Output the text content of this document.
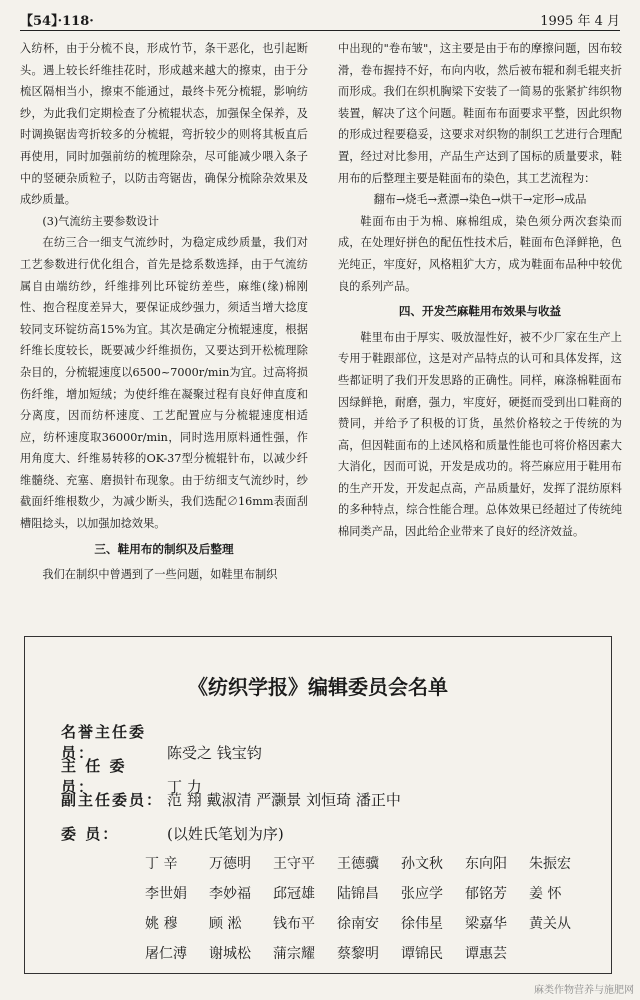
【54】·118·	1995 年 4 月

入纺杯，由于分梳不良，形成竹节，条干恶化，也引起断头。遇上较长纤维挂花时，形成越来越大的擦束，由于分梳区隔相当小，擦束不能通过，最终卡死分梳辊，影响纺纱，为此我们定期检查了分梳辊状态，加强保全保养，及时调换锯齿弯折较多的分梳辊，弯折较少的则将其板直后再使用，同时加强前纺的梳理除杂，尽可能减少喂入条子中的竖硬杂质粒子，以防击弯锯齿，确保分梳除杂效果及成纱质量。

(3)气流纺主要参数设计

在纺三合一细支气流纱时，为稳定成纱质量，我们对工艺参数进行优化组合，首先是捻系数选择，由于气流纺属自由端纺纱，纤维排列比环锭纺差些，麻维(缘)棉刚性、抱合程度差异大，要保证成纱强力，须适当增大捻度较同支环锭纺高15%为宜。其次是确定分梳辊速度，根据纤维长度较长，既要减少纤维损伤，又要达到开松梳理除杂目的，分梳辊速度以6500~7000r/min为宜。过高将损伤纤维，增加短绒；为使纤维在凝聚过程有良好伸直度和分离度，因而纺杯速度、工艺配置应与分梳辊速度相适应，纺杯速度取36000r/min，同时选用原料通性强，作用角度大、纤维易转移的OK-37型分梳辊针布，以减少纤维髓绕、充塞、磨损针布现象。由于纺细支气流纱时，纱截面纤维根数少，为减少断头，我们选配∅16mm表面刮槽阻捻头，以加强加捻效果。

三、鞋用布的制织及后整理

我们在制织中曾遇到了一些问题，如鞋里布制织

中出现的"卷布皱"，这主要是由于布的摩擦问题，因布较滑，卷布握持不好，布向内收，然后被布辊和刹毛辊夹折而形成。我们在织机胸梁下安装了一简易的张紧扩纬织物装置，解决了这个问题。鞋面布布面要求平整，因此织物的形成过程要稳妥，这要求对织物的制织工艺进行合理配置，经过对比参用，产品生产达到了国标的质量要求，鞋用布的后整理主要是鞋面布的染色，其工艺流程为：

翻布→烧毛→煮漂→染色→烘干→定形→成品

鞋面布由于为棉、麻棉组成，染色须分两次套染而成，在处理好拼色的配伍性技术后，鞋面布色泽鲜艳，色光纯正，牢度好，风格粗犷大方，成为鞋面布品种中较优良的系列产品。

四、开发苎麻鞋用布效果与收益

鞋里布由于厚实、吸放湿性好，被不少厂家在生产上专用于鞋跟部位，这是对产品特点的认可和具体发挥，这些都证明了我们开发思路的正确性。同样，麻涤棉鞋面布因绿鲜艳，耐磨，强力，牢度好，硬挺而受到出口鞋商的赞同，并给予了积极的订货，虽然价格较之于传统的为高，但因鞋面布的上述风格和质量性能也可将价格因素大大消化，因而可说，开发是成功的。将苎麻应用于鞋用布的生产开发，开发起点高，产品质量好，发挥了混纺原料的多种特点，综合性能合理。总体效果已经超过了传统纯棉同类产品，因此给企业带来了良好的经济效益。

《纺织学报》编辑委员会名单
名誉主任委员：	陈受之 钱宝钧
主 任 委 员：	丁 力
副主任委员： 范 翔 戴淑清 严灏景 刘恒琦 潘正中
委 员：	(以姓氏笔划为序)
丁 辛 万德明 王守平 王德骥 孙文秋 东向阳 朱振宏
李世娟 李妙福 邱冠雄 陆锦昌 张应学 郁铭芳 姜 怀
姚 穆 顾 淞 钱布平 徐南安 徐伟星 梁嘉华 黄关从
屠仁溥 谢城松 蒲宗耀 蔡黎明 谭锦民 谭惠芸
麻类作物营养与施肥网
